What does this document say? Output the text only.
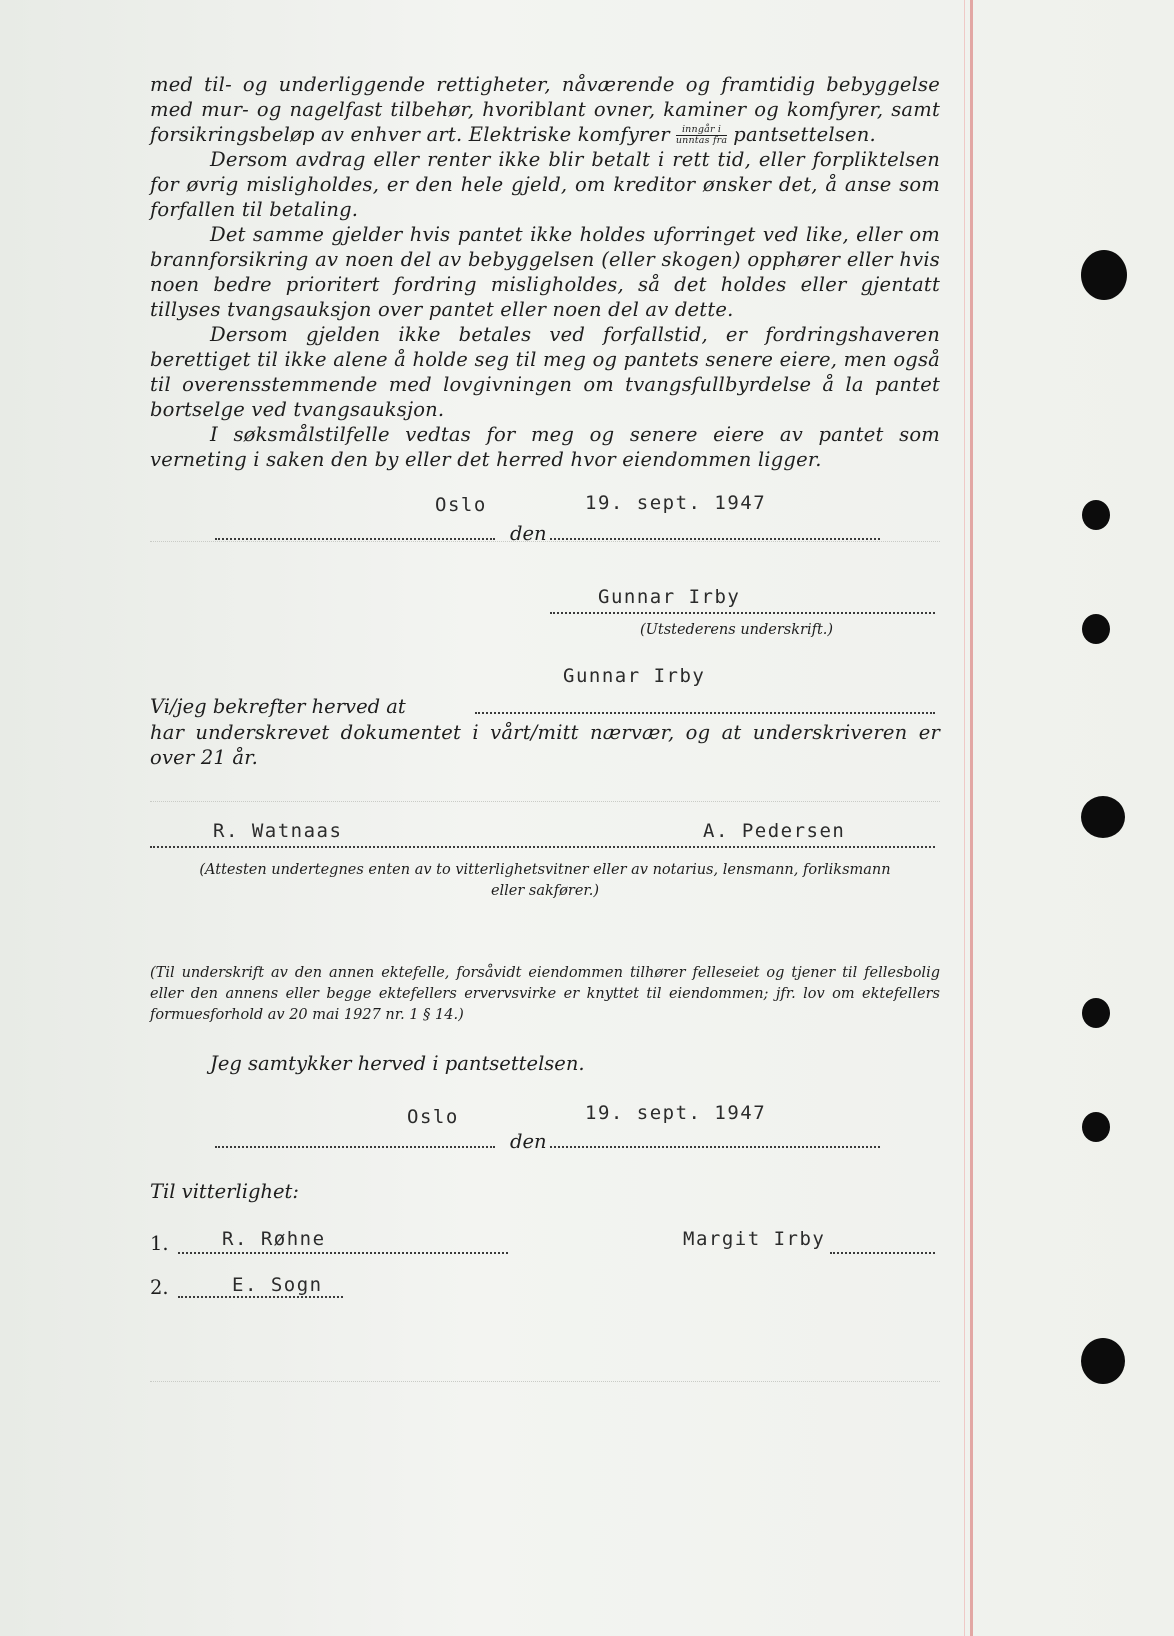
med til- og underliggende rettigheter, nåværende og framtidig bebyggelse med mur- og nagelfast tilbehør, hvoriblant ovner, kaminer og komfyrer, samt forsikringsbeløp av enhver art. Elektriske komfyrer $\frac{\text{inngår i}}{\text{unntas fra}}$ pantsettelsen.

Dersom avdrag eller renter ikke blir betalt i rett tid, eller forpliktelsen for øvrig misligholdes, er den hele gjeld, om kreditor ønsker det, å anse som forfallen til betaling.

Det samme gjelder hvis pantet ikke holdes uforringet ved like, eller om brannforsikring av noen del av bebyggelsen (eller skogen) opphører eller hvis noen bedre prioritert fordring misligholdes, så det holdes eller gjentatt tillyses tvangsauksjon over pantet eller noen del av dette.

Dersom gjelden ikke betales ved forfallstid, er fordringshaveren berettiget til ikke alene å holde seg til meg og pantets senere eiere, men også til overensstemmende med lovgivningen om tvangsfullbyrdelse å la pantet bortselge ved tvangsauksjon.

I søksmålstilfelle vedtas for meg og senere eiere av pantet som verneting i saken den by eller det herred hvor eiendommen ligger.

Oslo	19. sept. 1947
den
Gunnar Irby
(Utstederens underskrift.)
Gunnar Irby
Vi/jeg bekrefter herved at
har underskrevet dokumentet i vårt/mitt nærvær, og at underskriveren er over 21 år.
R. Watnaas	A. Pedersen
(Attesten undertegnes enten av to vitterlighetsvitner eller av notarius, lensmann, forliksmann
eller sakfører.)
(Til underskrift av den annen ektefelle, forsåvidt eiendommen tilhører felleseiet og tjener til fellesbolig eller den annens eller begge ektefellers ervervsvirke er knyttet til eiendommen; jfr. lov om ektefellers formuesforhold av 20 mai 1927 nr. 1 § 14.)
Jeg samtykker herved i pantsettelsen.
Oslo	19. sept. 1947
den
Til vitterlighet:
1.	R. Røhne	Margit Irby
2.	E. Sogn
